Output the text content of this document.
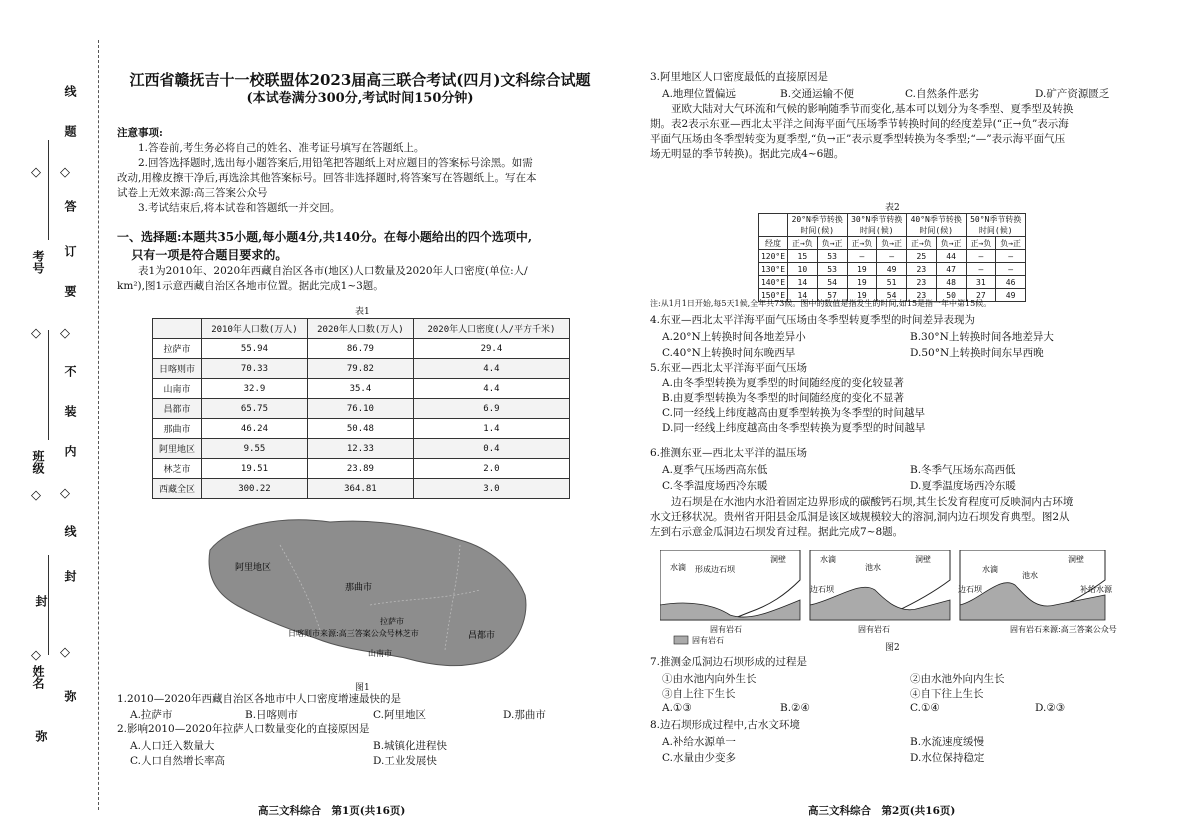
线
题
◇
答
订
要
◇
不
装
内
◇
线
封
◇
弥
考号
班级
姓名
弥
◇
封
◇
◇
◇
江西省赣抚吉十一校联盟体2023届高三联合考试(四月)文科综合试题
(本试卷满分300分,考试时间150分钟)

注意事项:

1.答卷前,考生务必将自己的姓名、准考证号填写在答题纸上。

2.回答选择题时,选出每小题答案后,用铅笔把答题纸上对应题目的答案标号涂黑。如需

改动,用橡皮擦干净后,再选涂其他答案标号。回答非选择题时,将答案写在答题纸上。写在本

试卷上无效来源:高三答案公众号

3.考试结束后,将本试卷和答题纸一并交回。

一、选择题:本题共35小题,每小题4分,共140分。在每小题给出的四个选项中,

只有一项是符合题目要求的。

表1为2010年、2020年西藏自治区各市(地区)人口数量及2020年人口密度(单位:人/

km²),图1示意西藏自治区各地市位置。据此完成1~3题。

表1
	2010年人口数(万人)	2020年人口数(万人)	2020年人口密度(人/平方千米)
拉萨市	55.94	86.79	29.4
日喀则市	70.33	79.82	4.4
山南市	32.9	35.4	4.4
昌都市	65.75	76.10	6.9
那曲市	46.24	50.48	1.4
阿里地区	9.55	12.33	0.4
林芝市	19.51	23.89	2.0
西藏全区	300.22	364.81	3.0
阿里地区
那曲市
昌都市
拉萨市
日喀则市来源:高三答案公众号林芝市
山南市
图1

1.2010—2020年西藏自治区各地市中人口密度增速最快的是

A.拉萨市	B.日喀则市	C.阿里地区	D.那曲市

2.影响2010—2020年拉萨人口数量变化的直接原因是

A.人口迁入数量大	B.城镇化进程快
C.人口自然增长率高	D.工业发展快
高三文科综合　第1页(共16页)

3.阿里地区人口密度最低的直接原因是

A.地理位置偏远	B.交通运输不便	C.自然条件恶劣	D.矿产资源匮乏

亚欧大陆对大气环流和气候的影响随季节而变化,基本可以划分为冬季型、夏季型及转换

期。表2表示东亚—西北太平洋之间海平面气压场季节转换时间的经度差异(“正→负”表示海

平面气压场由冬季型转变为夏季型,“负→正”表示夏季型转换为冬季型;“—”表示海平面气压

场无明显的季节转换)。据此完成4~6题。

表2
	20°N季节转换时间(候)		30°N季节转换时间(候)		40°N季节转换时间(候)		50°N季节转换时间(候)	

经度	正→负	负→正	正→负	负→正	正→负	负→正	正→负	负→正
120°E	15	53	—	—	25	44	—	—
130°E	10	53	19	49	23	47	—	—
140°E	14	54	19	51	23	48	31	46
150°E	14	57	19	54	23	50	27	49
注:从1月1日开始,每5天1候,全年共73候。图中的数值是指发生的时间,如15是指一年中第15候。

4.东亚—西北太平洋海平面气压场由冬季型转夏季型的时间差异表现为

A.20°N上转换时间各地差异小	B.30°N上转换时间各地差异大
C.40°N上转换时间东晚西早	D.50°N上转换时间东早西晚

5.东亚—西北太平洋海平面气压场

A.由冬季型转换为夏季型的时间随经度的变化较显著

B.由夏季型转换为冬季型的时间随经度的变化不显著

C.同一经线上纬度越高由夏季型转换为冬季型的时间越早

D.同一经线上纬度越高由冬季型转换为夏季型的时间越早

6.推测东亚—西北太平洋的温压场

A.夏季气压场西高东低	B.冬季气压场东高西低
C.冬季温度场西冷东暖	D.夏季温度场西冷东暖

边石坝是在水池内水沿着固定边界形成的碳酸钙石坝,其生长发育程度可反映洞内古环境

水文迁移状况。贵州省开阳县金瓜洞是该区域规模较大的溶洞,洞内边石坝发育典型。图2从

左到右示意金瓜洞边石坝发育过程。据此完成7~8题。

水滴 形成边石坝
洞壁
固有岩石
水滴
池水
洞壁
边石坝
固有岩石
水滴
池水
洞壁
补给水源
边石坝
固有岩石来源:高三答案公众号
固有岩石
图2

7.推测金瓜洞边石坝形成的过程是

①由水池内向外生长	②由水池外向内生长
③自上往下生长	④自下往上生长
A.①③	B.②④	C.①④	D.②③

8.边石坝形成过程中,古水文环境

A.补给水源单一	B.水流速度缓慢
C.水量由少变多	D.水位保持稳定
高三文科综合　第2页(共16页)
